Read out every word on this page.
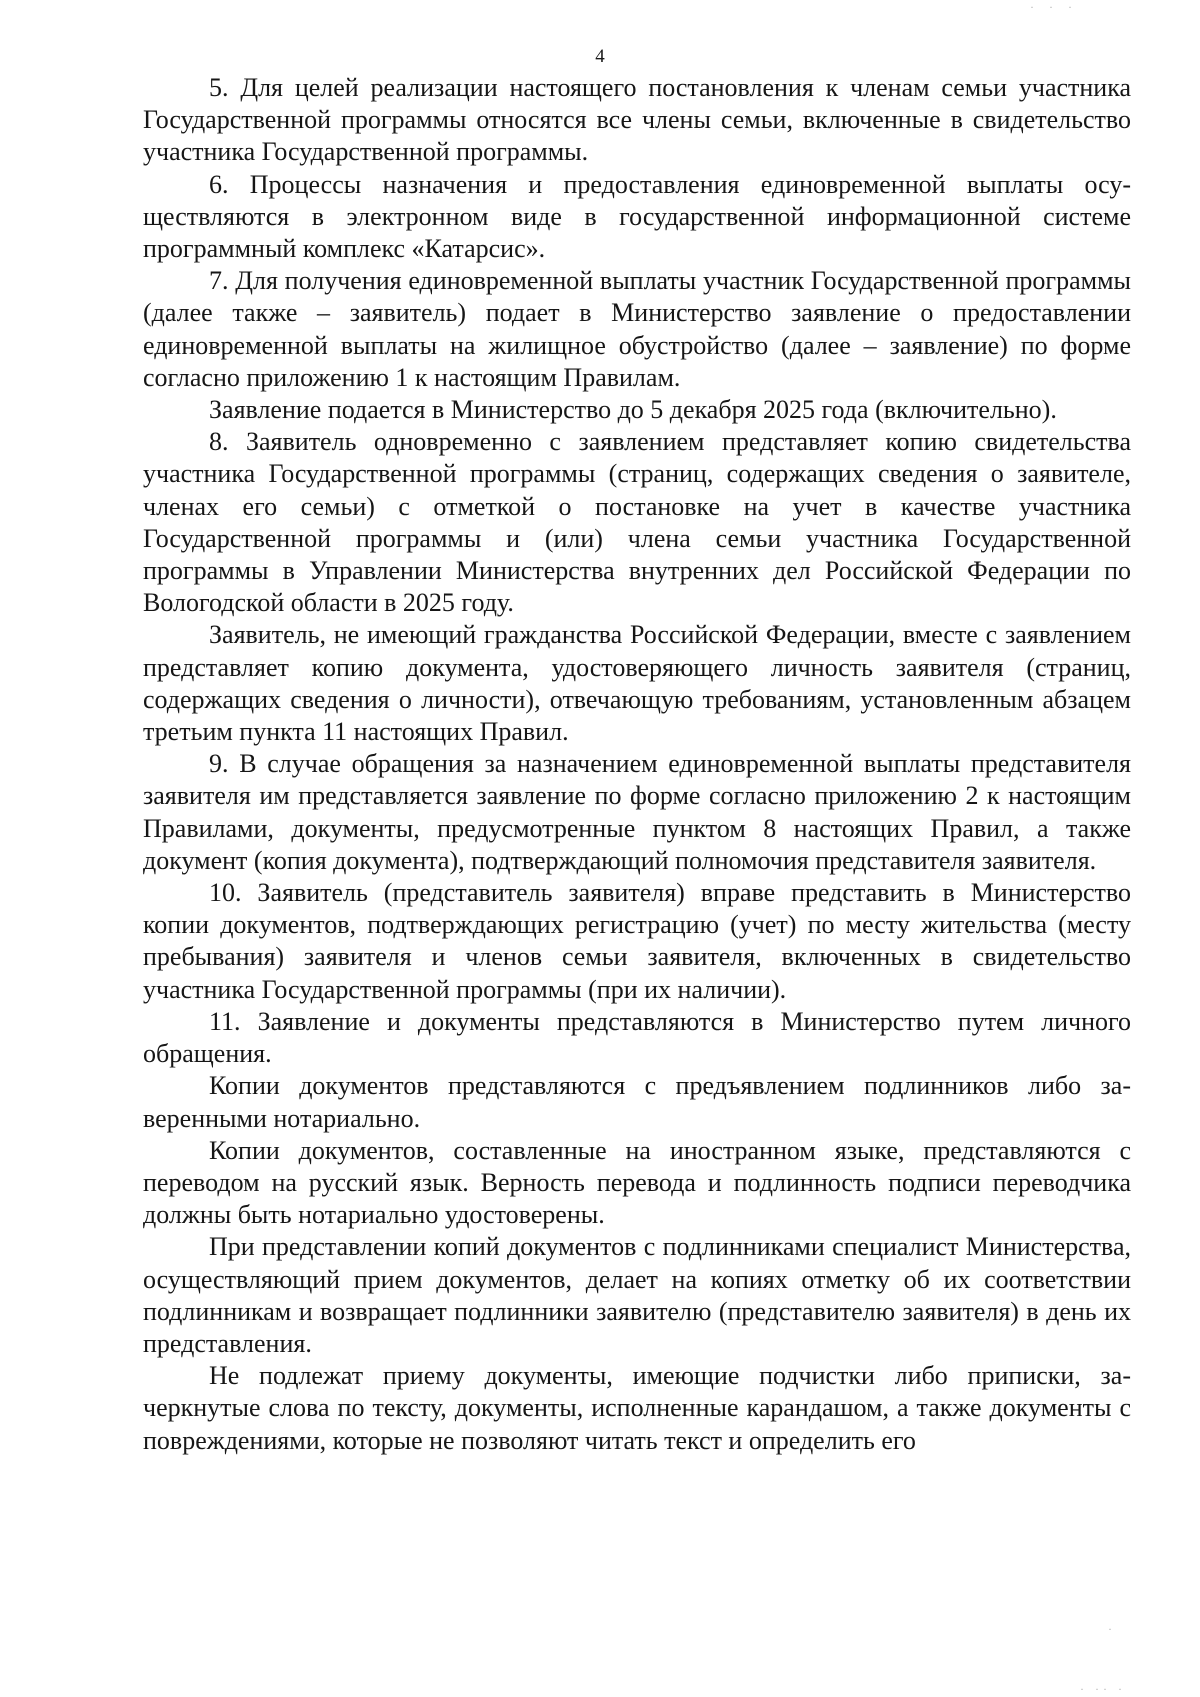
· · ·
4

5. Для целей реализации настоящего постановления к членам семьи участника Государственной программы относятся все члены семьи, включенные в свидетельство участника Государственной программы.

6. Процессы назначения и предоставления единовременной выплаты осуществляются в электронном виде в государственной информационной системе программный комплекс «Катарсис».

7. Для получения единовременной выплаты участник Государственной программы (далее также – заявитель) подает в Министерство заявление о предоставлении единовременной выплаты на жилищное обустройство (далее – заявление) по форме согласно приложению 1 к настоящим Правилам.

Заявление подается в Министерство до 5 декабря 2025 года (включительно).

8. Заявитель одновременно с заявлением представляет копию свидетельства участника Государственной программы (страниц, содержащих сведения о заявителе, членах его семьи) с отметкой о постановке на учет в качестве участника Государственной программы и (или) члена семьи участника Государственной программы в Управлении Министерства внутренних дел Российской Федерации по Вологодской области в 2025 году.

Заявитель, не имеющий гражданства Российской Федерации, вместе с заявлением представляет копию документа, удостоверяющего личность заявителя (страниц, содержащих сведения о личности), отвечающую требованиям, установленным абзацем третьим пункта 11 настоящих Правил.

9. В случае обращения за назначением единовременной выплаты представителя заявителя им представляется заявление по форме согласно приложению 2 к настоящим Правилами, документы, предусмотренные пунктом 8 настоящих Правил, а также документ (копия документа), подтверждающий полномочия представителя заявителя.

10. Заявитель (представитель заявителя) вправе представить в Министерство копии документов, подтверждающих регистрацию (учет) по месту жительства (месту пребывания) заявителя и членов семьи заявителя, включенных в свидетельство участника Государственной программы (при их наличии).

11. Заявление и документы представляются в Министерство путем личного обращения.

Копии документов представляются с предъявлением подлинников либо заверенными нотариально.

Копии документов, составленные на иностранном языке, представляются с переводом на русский язык. Верность перевода и подлинность подписи переводчика должны быть нотариально удостоверены.

При представлении копий документов с подлинниками специалист Министерства, осуществляющий прием документов, делает на копиях отметку об их соответствии подлинникам и возвращает подлинники заявителю (представителю заявителя) в день их представления.

Не подлежат приему документы, имеющие подчистки либо приписки, зачеркнутые слова по тексту, документы, исполненные карандашом, а также документы с повреждениями, которые не позволяют читать текст и определить его

·
· ·· ·
